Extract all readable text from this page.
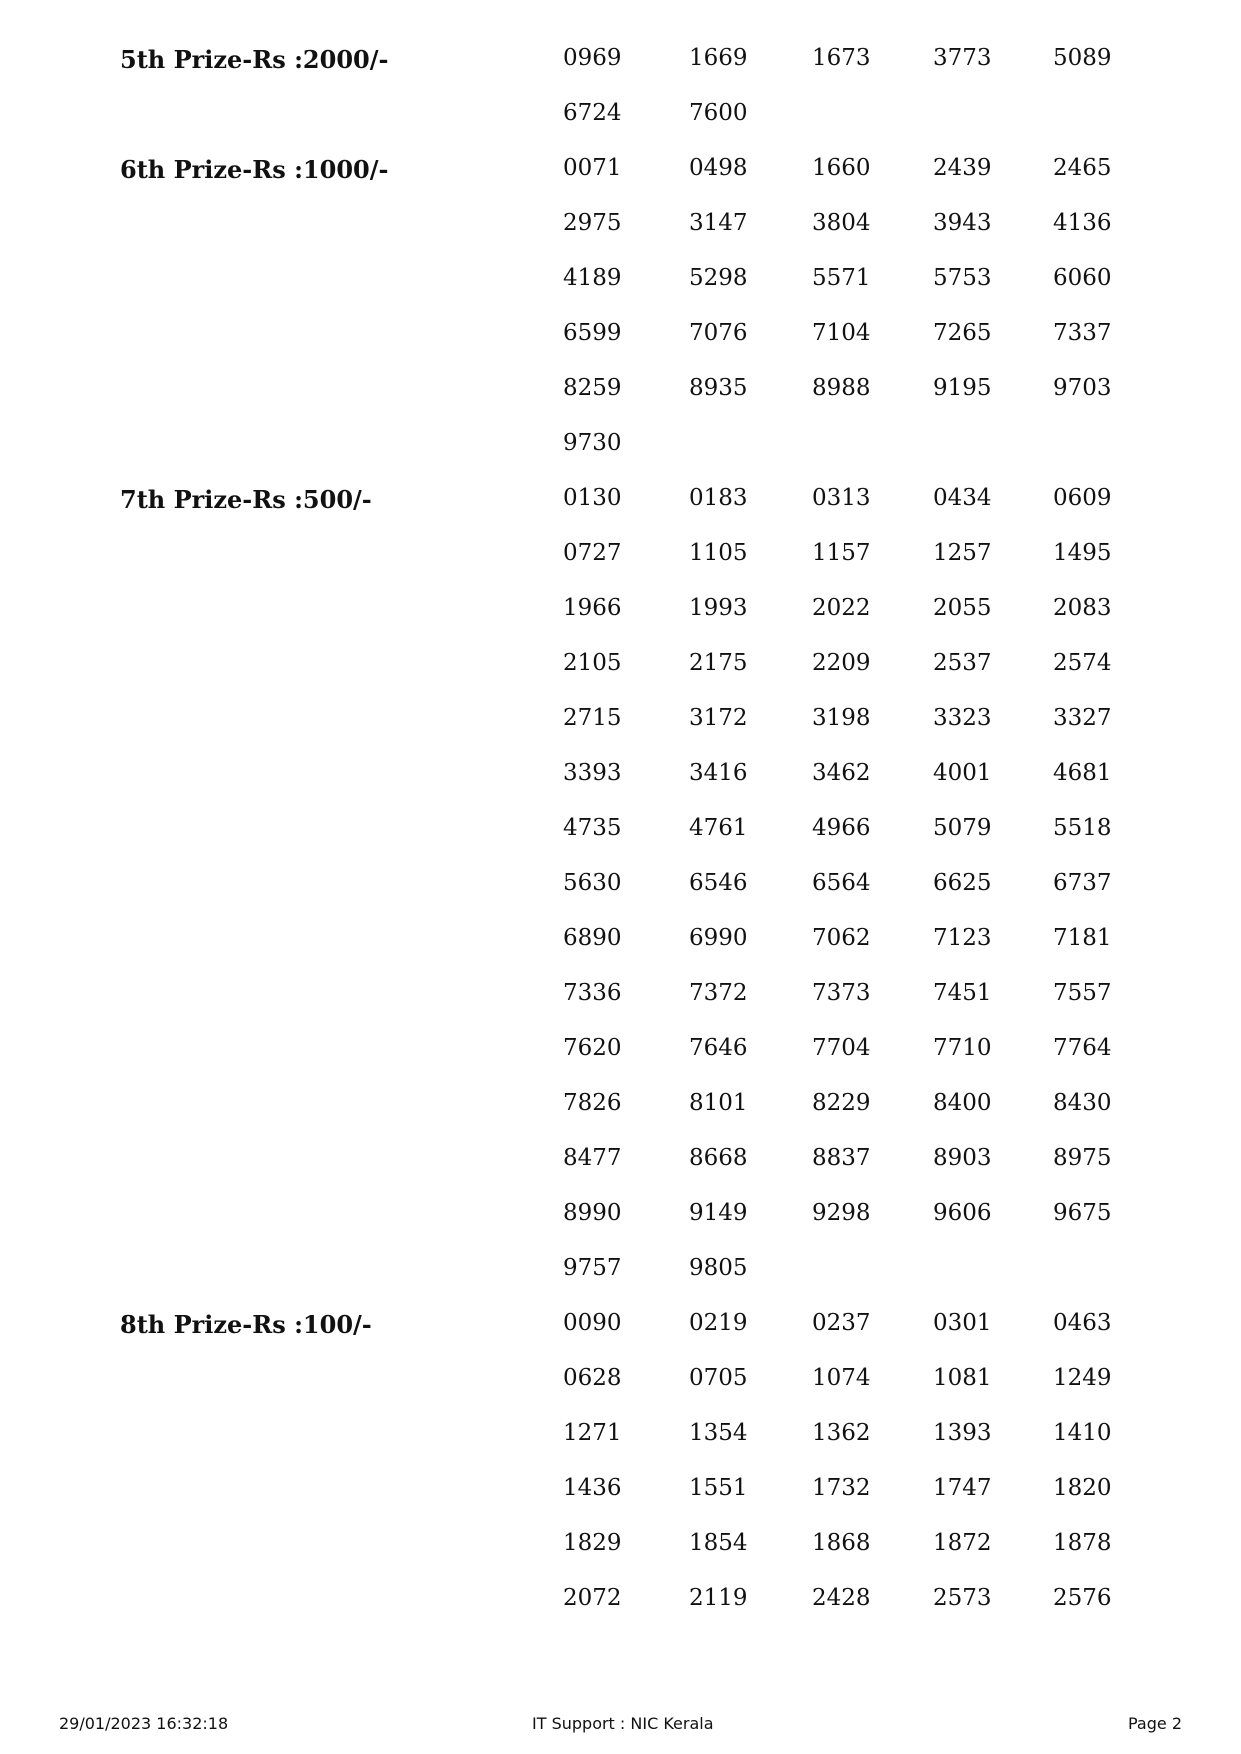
5th Prize-Rs :2000/-	0969	1669	1673	3773	5089
6724	7600
6th Prize-Rs :1000/-	0071	0498	1660	2439	2465
2975	3147	3804	3943	4136
4189	5298	5571	5753	6060
6599	7076	7104	7265	7337
8259	8935	8988	9195	9703
9730
7th Prize-Rs :500/-	0130	0183	0313	0434	0609
0727	1105	1157	1257	1495
1966	1993	2022	2055	2083
2105	2175	2209	2537	2574
2715	3172	3198	3323	3327
3393	3416	3462	4001	4681
4735	4761	4966	5079	5518
5630	6546	6564	6625	6737
6890	6990	7062	7123	7181
7336	7372	7373	7451	7557
7620	7646	7704	7710	7764
7826	8101	8229	8400	8430
8477	8668	8837	8903	8975
8990	9149	9298	9606	9675
9757	9805
8th Prize-Rs :100/-	0090	0219	0237	0301	0463
0628	0705	1074	1081	1249
1271	1354	1362	1393	1410
1436	1551	1732	1747	1820
1829	1854	1868	1872	1878
2072	2119	2428	2573	2576
29/01/2023 16:32:18	IT Support : NIC Kerala	Page 2
